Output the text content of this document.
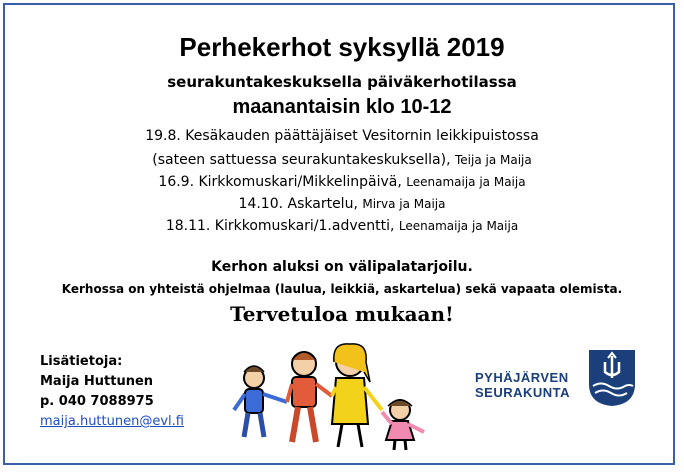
Perhekerhot syksyllä 2019
seurakuntakeskuksella päiväkerhotilassa
maanantaisin klo 10-12
19.8. Kesäkauden päättäjäiset Vesitornin leikkipuistossa
(sateen sattuessa seurakuntakeskuksella), Teija ja Maija
16.9. Kirkkomuskari/Mikkelinpäivä, Leenamaija ja Maija
14.10. Askartelu, Mirva ja Maija
18.11. Kirkkomuskari/1.adventti, Leenamaija ja Maija
Kerhon aluksi on välipalatarjoilu.
Kerhossa on yhteistä ohjelmaa (laulua, leikkiä, askartelua) sekä vapaata olemista.
Tervetuloa mukaan!
Lisätietoja:
Maija Huttunen
p. 040 7088975
maija.huttunen@evl.fi
PYHÄJÄRVEN
SEURAKUNTA
